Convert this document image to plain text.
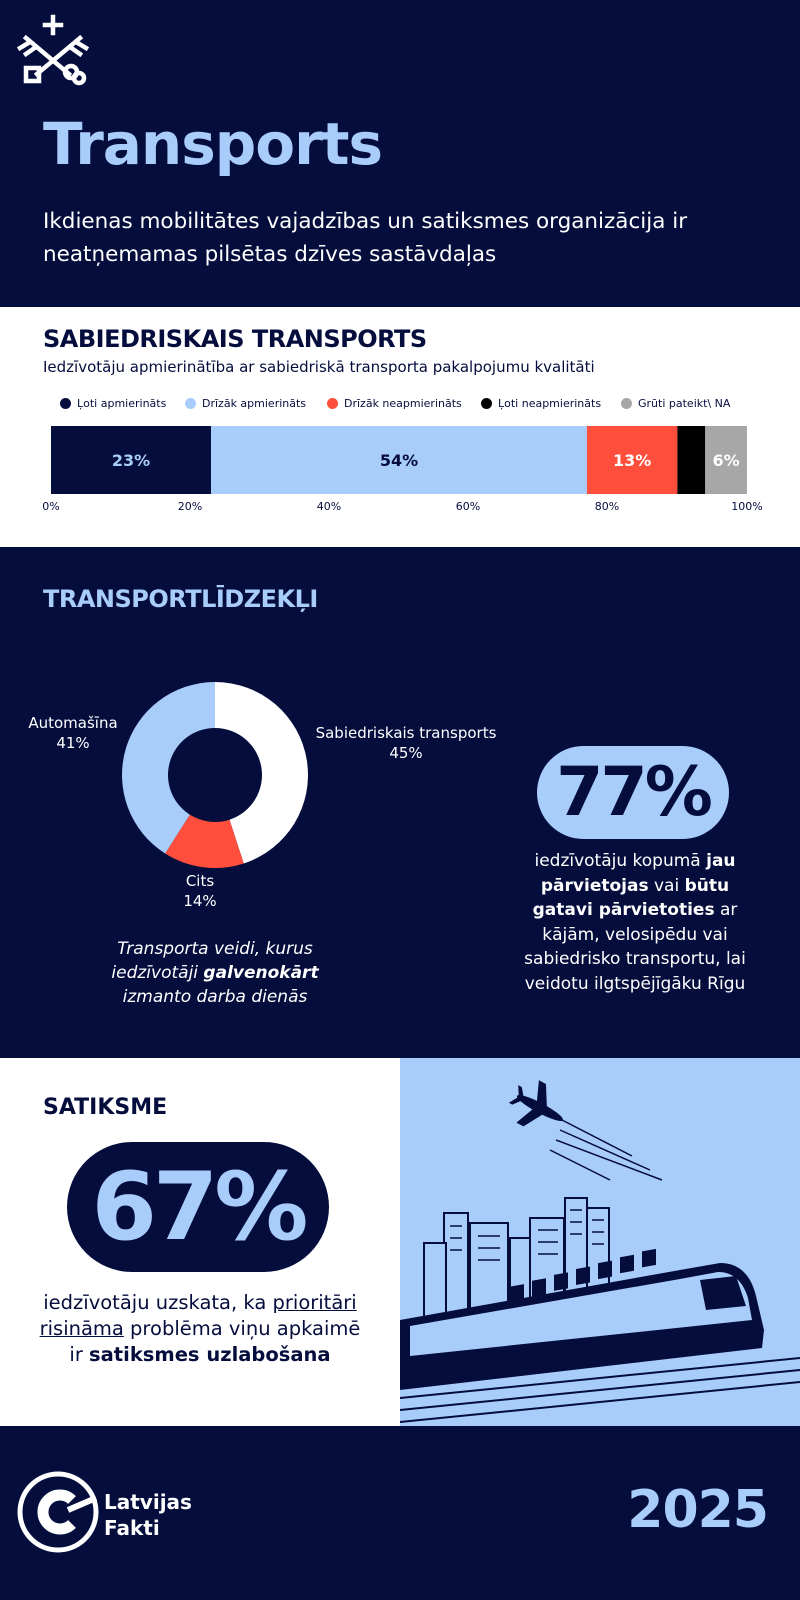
Transports
Ikdienas mobilitātes vajadzības un satiksmes organizācija ir
neatņemamas pilsētas dzīves sastāvdaļas
SABIEDRISKAIS TRANSPORTS
Iedzīvotāju apmierinātība ar sabiedriskā transporta pakalpojumu kvalitāti
Ļoti apmierināts	Drīzāk apmierināts	Drīzāk neapmierināts	Ļoti neapmierināts	Grūti pateikt\ NA
23%	54%	13%	6%
0%	20%	40%	60%	80%	100%
TRANSPORTLĪDZEKĻI
Automašīna
41%
Sabiedriskais transports
45%
Cits
14%
Transporta veidi, kurus
iedzīvotāji galvenokārt
izmanto darba dienās
77%
iedzīvotāju kopumā jau pārvietojas vai būtu gatavi pārvietoties ar kājām, velosipēdu vai sabiedrisko transportu, lai veidotu ilgtspējīgāku Rīgu
SATIKSME
67%
iedzīvotāju uzskata, ka prioritāri risināma problēma viņu apkaimē ir satiksmes uzlabošana
Latvijas
Fakti	2025
